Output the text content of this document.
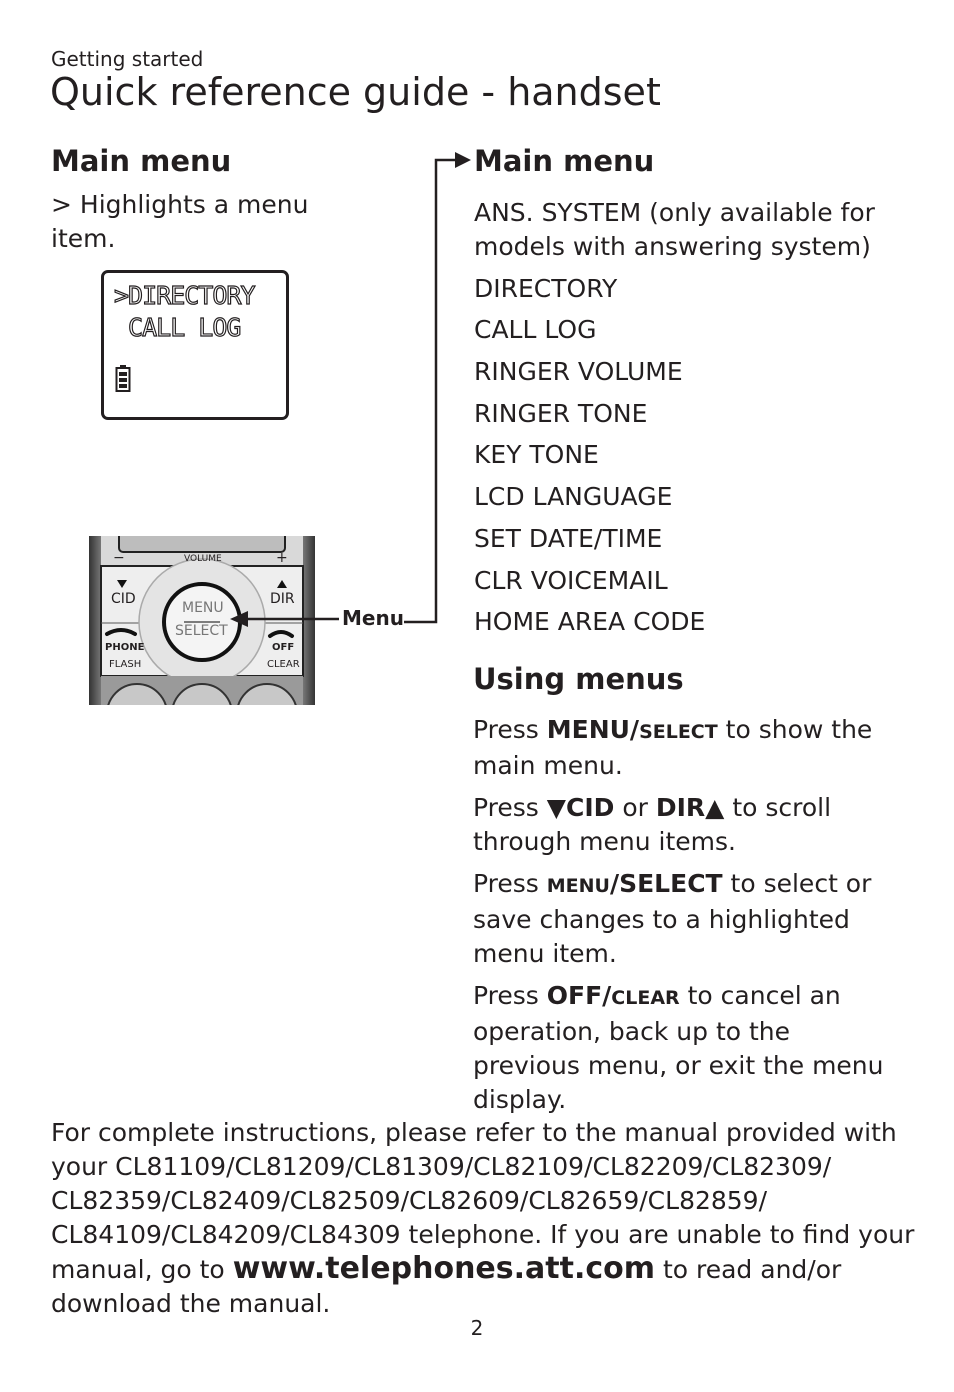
Getting started
Quick reference guide - handset
Main menu
> Highlights a menu item.
>DIRECTORY
CALL LOG
−	VOLUME	+
CID	DIR
MENU
SELECT
PHONE
FLASH
OFF
CLEAR
Menu
Main menu
ANS. SYSTEM (only available for models with answering system)
DIRECTORY
CALL LOG
RINGER VOLUME
RINGER TONE
KEY TONE
LCD LANGUAGE
SET DATE/TIME
CLR VOICEMAIL
HOME AREA CODE
Using menus

Press MENU/SELECT to show the main menu.

Press ▼CID or DIR▲ to scroll through menu items.

Press MENU/SELECT to select or save changes to a highlighted menu item.

Press OFF/CLEAR to cancel an operation, back up to the previous menu, or exit the menu display.

For complete instructions, please refer to the manual provided with your CL81109/CL81209/CL81309/CL82109/CL82209/CL82309/ CL82359/CL82409/CL82509/CL82609/CL82659/CL82859/ CL84109/CL84209/CL84309 telephone. If you are unable to find your manual, go to www.telephones.att.com to read and/or download the manual.
2
